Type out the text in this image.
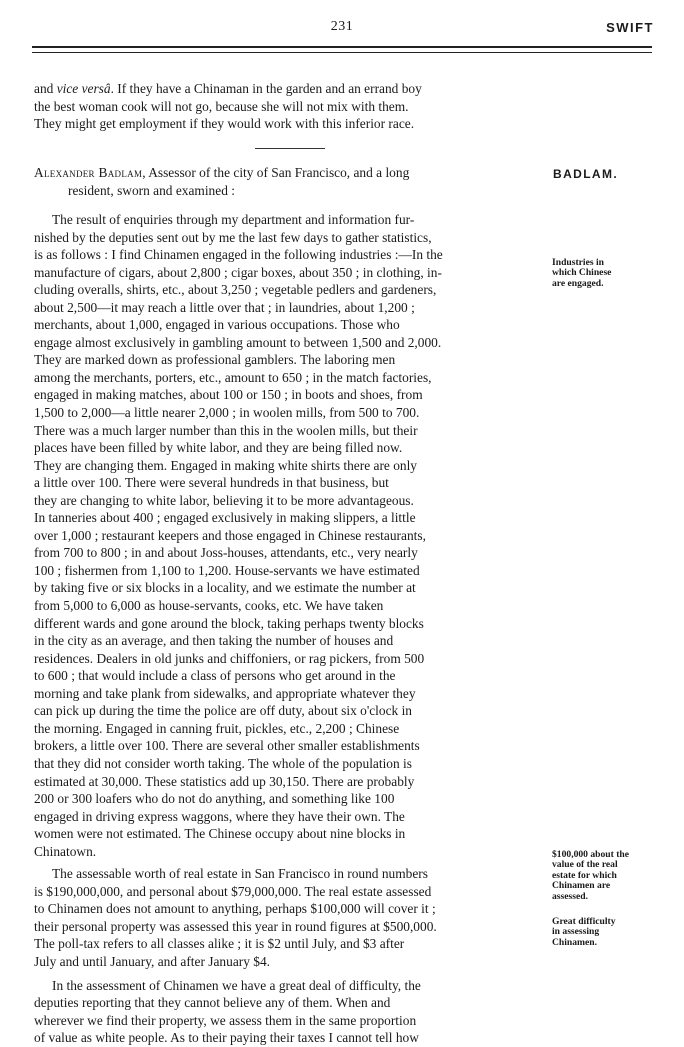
231	SWIFT
and vice versâ. If they have a Chinaman in the garden and an errand boy
the best woman cook will not go, because she will not mix with them.
They might get employment if they would work with this inferior race.
Alexander Badlam, Assessor of the city of San Francisco, and a long
resident, sworn and examined :
BADLAM.
The result of enquiries through my department and information fur-
nished by the deputies sent out by me the last few days to gather statistics,
is as follows : I find Chinamen engaged in the following industries :—In the
manufacture of cigars, about 2,800 ; cigar boxes, about 350 ; in clothing, in-
cluding overalls, shirts, etc., about 3,250 ; vegetable pedlers and gardeners,
about 2,500—it may reach a little over that ; in laundries, about 1,200 ;
merchants, about 1,000, engaged in various occupations. Those who
engage almost exclusively in gambling amount to between 1,500 and 2,000.
They are marked down as professional gamblers. The laboring men
among the merchants, porters, etc., amount to 650 ; in the match factories,
engaged in making matches, about 100 or 150 ; in boots and shoes, from
1,500 to 2,000—a little nearer 2,000 ; in woolen mills, from 500 to 700.
There was a much larger number than this in the woolen mills, but their
places have been filled by white labor, and they are being filled now.
They are changing them. Engaged in making white shirts there are only
a little over 100. There were several hundreds in that business, but
they are changing to white labor, believing it to be more advantageous.
In tanneries about 400 ; engaged exclusively in making slippers, a little
over 1,000 ; restaurant keepers and those engaged in Chinese restaurants,
from 700 to 800 ; in and about Joss-houses, attendants, etc., very nearly
100 ; fishermen from 1,100 to 1,200. House-servants we have estimated
by taking five or six blocks in a locality, and we estimate the number at
from 5,000 to 6,000 as house-servants, cooks, etc. We have taken
different wards and gone around the block, taking perhaps twenty blocks
in the city as an average, and then taking the number of houses and
residences. Dealers in old junks and chiffoniers, or rag pickers, from 500
to 600 ; that would include a class of persons who get around in the
morning and take plank from sidewalks, and appropriate whatever they
can pick up during the time the police are off duty, about six o'clock in
the morning. Engaged in canning fruit, pickles, etc., 2,200 ; Chinese
brokers, a little over 100. There are several other smaller establishments
that they did not consider worth taking. The whole of the population is
estimated at 30,000. These statistics add up 30,150. There are probably
200 or 300 loafers who do not do anything, and something like 100
engaged in driving express waggons, where they have their own. The
women were not estimated. The Chinese occupy about nine blocks in
Chinatown.
The assessable worth of real estate in San Francisco in round numbers
is $190,000,000, and personal about $79,000,000. The real estate assessed
to Chinamen does not amount to anything, perhaps $100,000 will cover it ;
their personal property was assessed this year in round figures at $500,000.
The poll-tax refers to all classes alike ; it is $2 until July, and $3 after
July and until January, and after January $4.
In the assessment of Chinamen we have a great deal of difficulty, the
deputies reporting that they cannot believe any of them. When and
wherever we find their property, we assess them in the same proportion
of value as white people. As to their paying their taxes I cannot tell how
Industries in
which Chinese
are engaged.
$100,000 about the
value of the real
estate for which
Chinamen are
assessed.
Great difficulty
in assessing
Chinamen.
